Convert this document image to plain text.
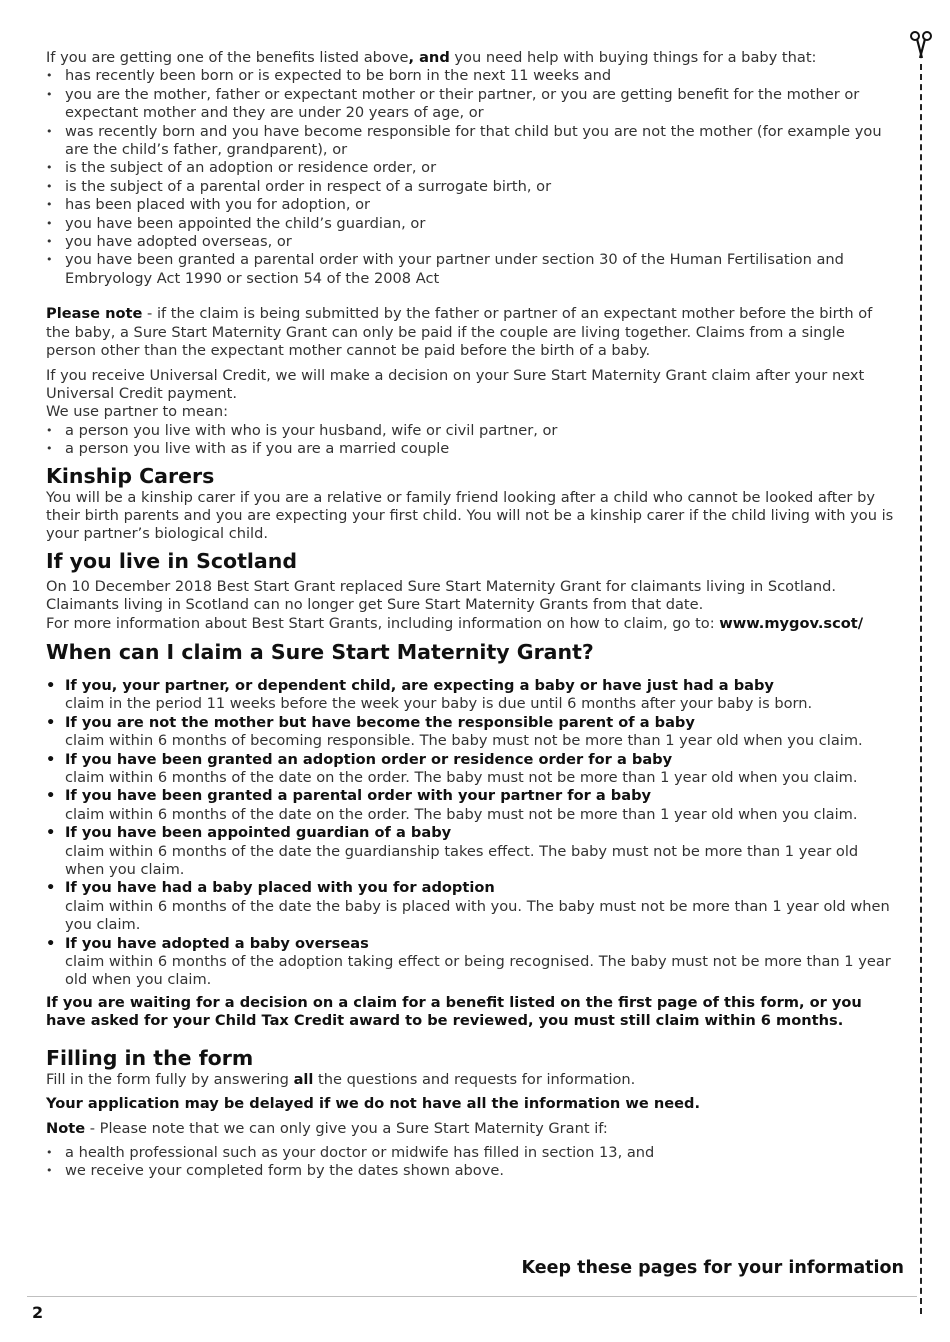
If you are getting one of the benefits listed above, and you need help with buying things for a baby that:

• has recently been born or is expected to be born in the next 11 weeks and
• you are the mother, father or expectant mother or their partner, or you are getting benefit for the mother or expectant mother and they are under 20 years of age, or
• was recently born and you have become responsible for that child but you are not the mother (for example you are the child’s father, grandparent), or
• is the subject of an adoption or residence order, or
• is the subject of a parental order in respect of a surrogate birth, or
• has been placed with you for adoption, or
• you have been appointed the child’s guardian, or
• you have adopted overseas, or
• you have been granted a parental order with your partner under section 30 of the Human Fertilisation and Embryology Act 1990 or section 54 of the 2008 Act

Please note - if the claim is being submitted by the father or partner of an expectant mother before the birth of the baby, a Sure Start Maternity Grant can only be paid if the couple are living together. Claims from a single person other than the expectant mother cannot be paid before the birth of a baby.

If you receive Universal Credit, we will make a decision on your Sure Start Maternity Grant claim after your next Universal Credit payment.

We use partner to mean:

• a person you live with who is your husband, wife or civil partner, or
• a person you live with as if you are a married couple
Kinship Carers

You will be a kinship carer if you are a relative or family friend looking after a child who cannot be looked after by their birth parents and you are expecting your first child. You will not be a kinship carer if the child living with you is your partner’s biological child.

If you live in Scotland

On 10 December 2018 Best Start Grant replaced Sure Start Maternity Grant for claimants living in Scotland.

Claimants living in Scotland can no longer get Sure Start Maternity Grants from that date.

For more information about Best Start Grants, including information on how to claim, go to: www.mygov.scot/

When can I claim a Sure Start Maternity Grant?
• If you, your partner, or dependent child, are expecting a baby or have just had a baby
claim in the period 11 weeks before the week your baby is due until 6 months after your baby is born.
• If you are not the mother but have become the responsible parent of a baby
claim within 6 months of becoming responsible. The baby must not be more than 1 year old when you claim.
• If you have been granted an adoption order or residence order for a baby
claim within 6 months of the date on the order. The baby must not be more than 1 year old when you claim.
• If you have been granted a parental order with your partner for a baby
claim within 6 months of the date on the order. The baby must not be more than 1 year old when you claim.
• If you have been appointed guardian of a baby
claim within 6 months of the date the guardianship takes effect. The baby must not be more than 1 year old when you claim.
• If you have had a baby placed with you for adoption
claim within 6 months of the date the baby is placed with you. The baby must not be more than 1 year old when you claim.
• If you have adopted a baby overseas
claim within 6 months of the adoption taking effect or being recognised. The baby must not be more than 1 year old when you claim.

If you are waiting for a decision on a claim for a benefit listed on the first page of this form, or you have asked for your Child Tax Credit award to be reviewed, you must still claim within 6 months.

Filling in the form

Fill in the form fully by answering all the questions and requests for information.

Your application may be delayed if we do not have all the information we need.

Note - Please note that we can only give you a Sure Start Maternity Grant if:

• a health professional such as your doctor or midwife has filled in section 13, and
• we receive your completed form by the dates shown above.
Keep these pages for your information
2
